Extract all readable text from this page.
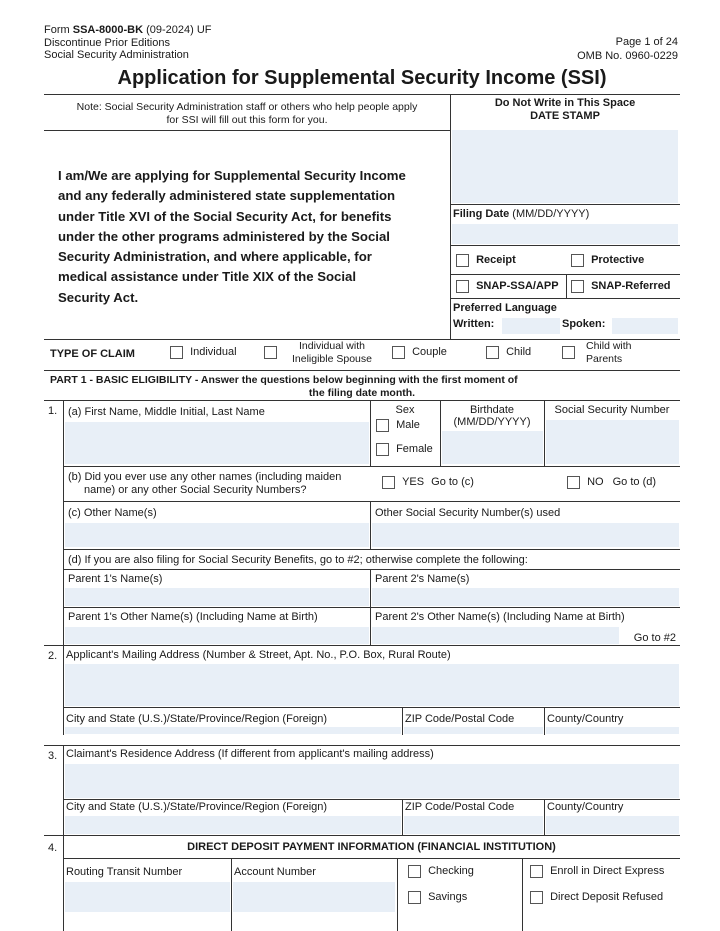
Form SSA-8000-BK (09-2024) UF
Discontinue Prior Editions
Social Security Administration
Page 1 of 24
OMB No. 0960-0229
Application for Supplemental Security Income (SSI)
Note: Social Security Administration staff or others who help people apply
for SSI will fill out this form for you.
I am/We are applying for Supplemental Security Income
and any federally administered state supplementation
under Title XVI of the Social Security Act, for benefits
under the other programs administered by the Social
Security Administration, and where applicable, for
medical assistance under Title XIX of the Social
Security Act.
Do Not Write in This Space
DATE STAMP
Filing Date (MM/DD/YYYY)
Receipt	Protective
SNAP-SSA/APP	SNAP-Referred
Preferred Language
Written:	Spoken:
TYPE OF CLAIM	Individual
Individual with
Ineligible Spouse
Couple	Child
Child with
Parents
PART 1 - BASIC ELIGIBILITY - Answer the questions below beginning with the first moment of
the filing date month.
1. (a) First Name, Middle Initial, Last Name	Sex
Male
Female
Birthdate
(MM/DD/YYYY)
Social Security Number
(b) Did you ever use any other names (including maiden
name) or any other Social Security Numbers?
YES Go to (c)	NO Go to (d)
(c) Other Name(s)	Other Social Security Number(s) used
(d) If you are also filing for Social Security Benefits, go to #2; otherwise complete the following:
Parent 1's Name(s)	Parent 2's Name(s)
Parent 1's Other Name(s) (Including Name at Birth)	Parent 2's Other Name(s) (Including Name at Birth)
Go to #2
2. Applicant's Mailing Address (Number & Street, Apt. No., P.O. Box, Rural Route)
City and State (U.S.)/State/Province/Region (Foreign)	ZIP Code/Postal Code	County/Country
3. Claimant's Residence Address (If different from applicant's mailing address)
City and State (U.S.)/State/Province/Region (Foreign)	ZIP Code/Postal Code	County/Country
4.	DIRECT DEPOSIT PAYMENT INFORMATION (FINANCIAL INSTITUTION)
Routing Transit Number	Account Number	Checking
Savings
Enroll in Direct Express
Direct Deposit Refused
